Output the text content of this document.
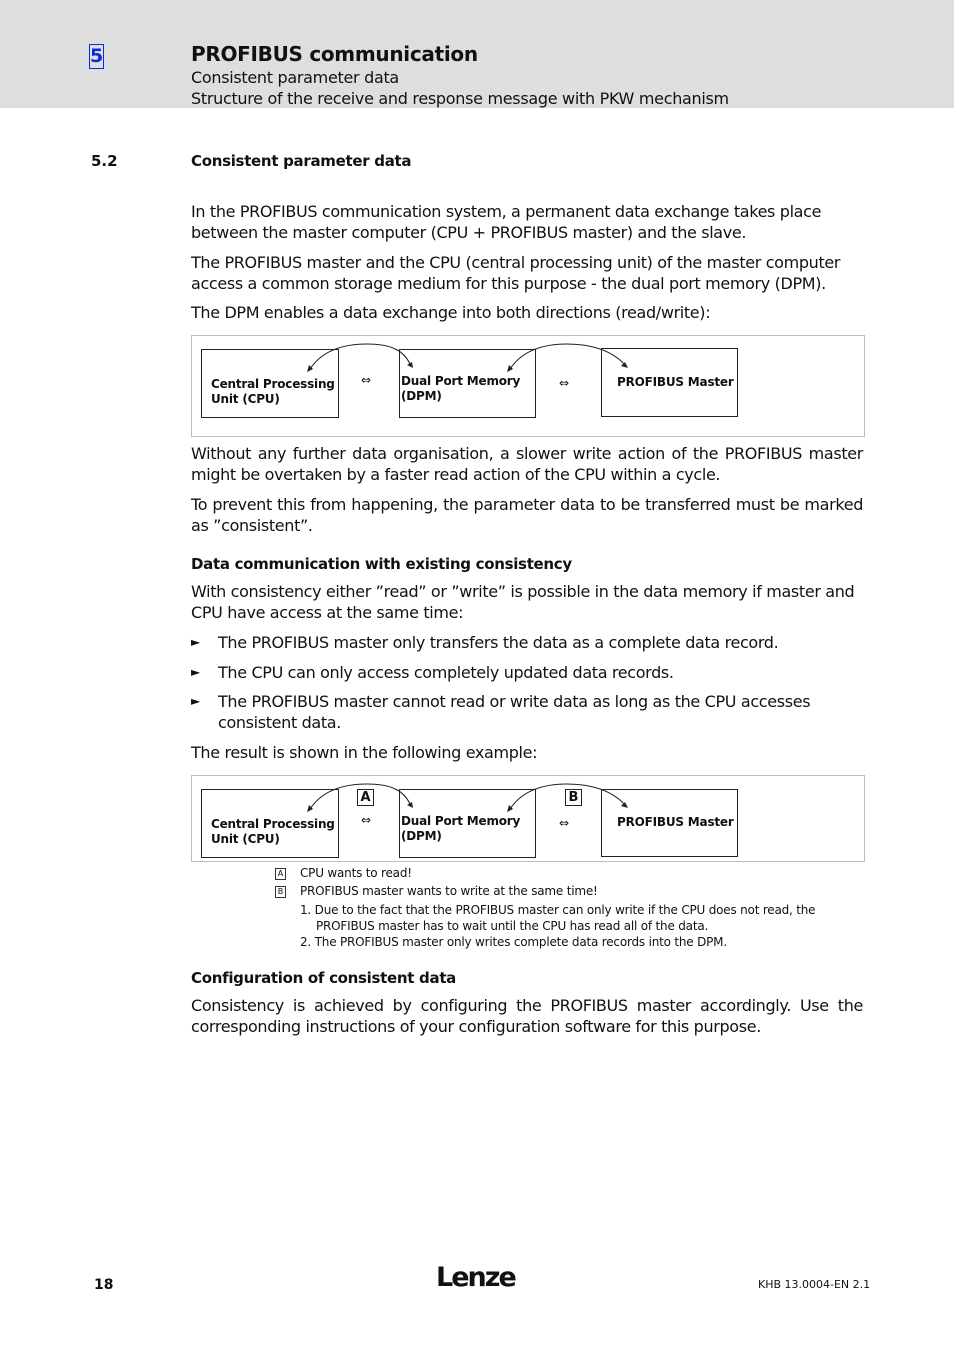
5	PROFIBUS communication
Consistent parameter data
Structure of the receive and response message with PKW mechanism
5.2	Consistent parameter data

In the PROFIBUS communication system, a permanent data exchange takes place between the master computer (CPU + PROFIBUS master) and the slave.

The PROFIBUS master and the CPU (central processing unit) of the master computer access a common storage medium for this purpose - the dual port memory (DPM).

The DPM enables a data exchange into both directions (read/write):

Central Processing
Unit (CPU)
⇔ Dual Port Memory
(DPM)
⇔	PROFIBUS Master

Without any further data organisation, a slower write action of the PROFIBUS master might be overtaken by a faster read action of the CPU within a cycle.

To prevent this from happening, the parameter data to be transferred must be marked as ”consistent”.

Data communication with existing consistency

With consistency either ”read” or ”write” is possible in the data memory if master and CPU have access at the same time:

► The PROFIBUS master only transfers the data as a complete data record.
► The CPU can only access completely updated data records.
► The PROFIBUS master cannot read or write data as long as the CPU accesses consistent data.

The result is shown in the following example:

Central Processing
Unit (CPU)
A
⇔ Dual Port Memory
(DPM)
B
⇔	PROFIBUS Master
A CPU wants to read!
B PROFIBUS master wants to write at the same time!
1. Due to the fact that the PROFIBUS master can only write if the CPU does not read, the
PROFIBUS master has to wait until the CPU has read all of the data.
2. The PROFIBUS master only writes complete data records into the DPM.
Configuration of consistent data

Consistency is achieved by configuring the PROFIBUS master accordingly. Use the corresponding instructions of your configuration software for this purpose.

18	Lenze	KHB 13.0004-EN 2.1
